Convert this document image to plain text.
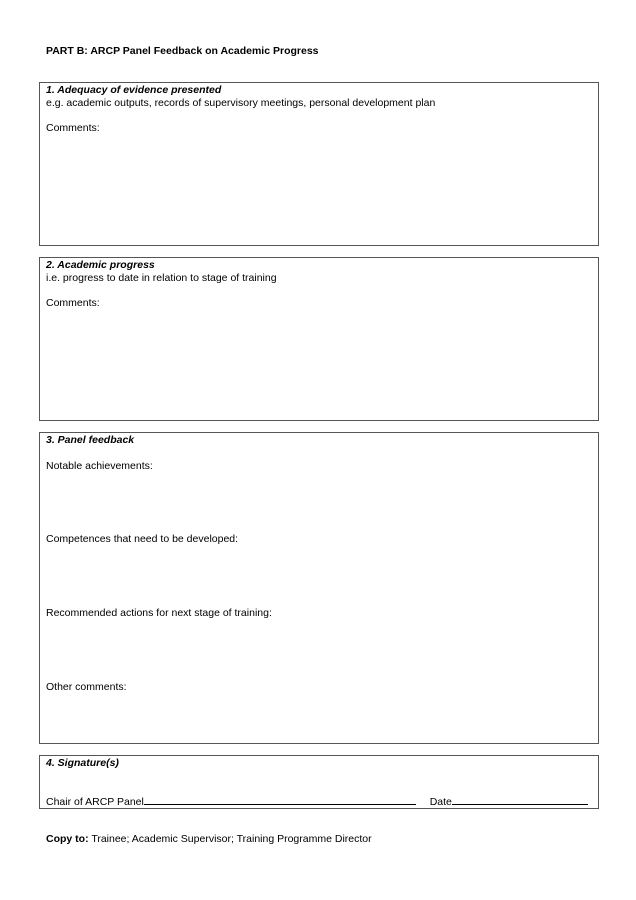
PART B: ARCP Panel Feedback on Academic Progress
1. Adequacy of evidence presented
e.g. academic outputs, records of supervisory meetings, personal development plan
Comments:
2. Academic progress
i.e. progress to date in relation to stage of training
Comments:
3. Panel feedback
Notable achievements:
Competences that need to be developed:
Recommended actions for next stage of training:
Other comments:
4. Signature(s)
Chair of ARCP Panel	Date
Copy to: Trainee; Academic Supervisor; Training Programme Director
